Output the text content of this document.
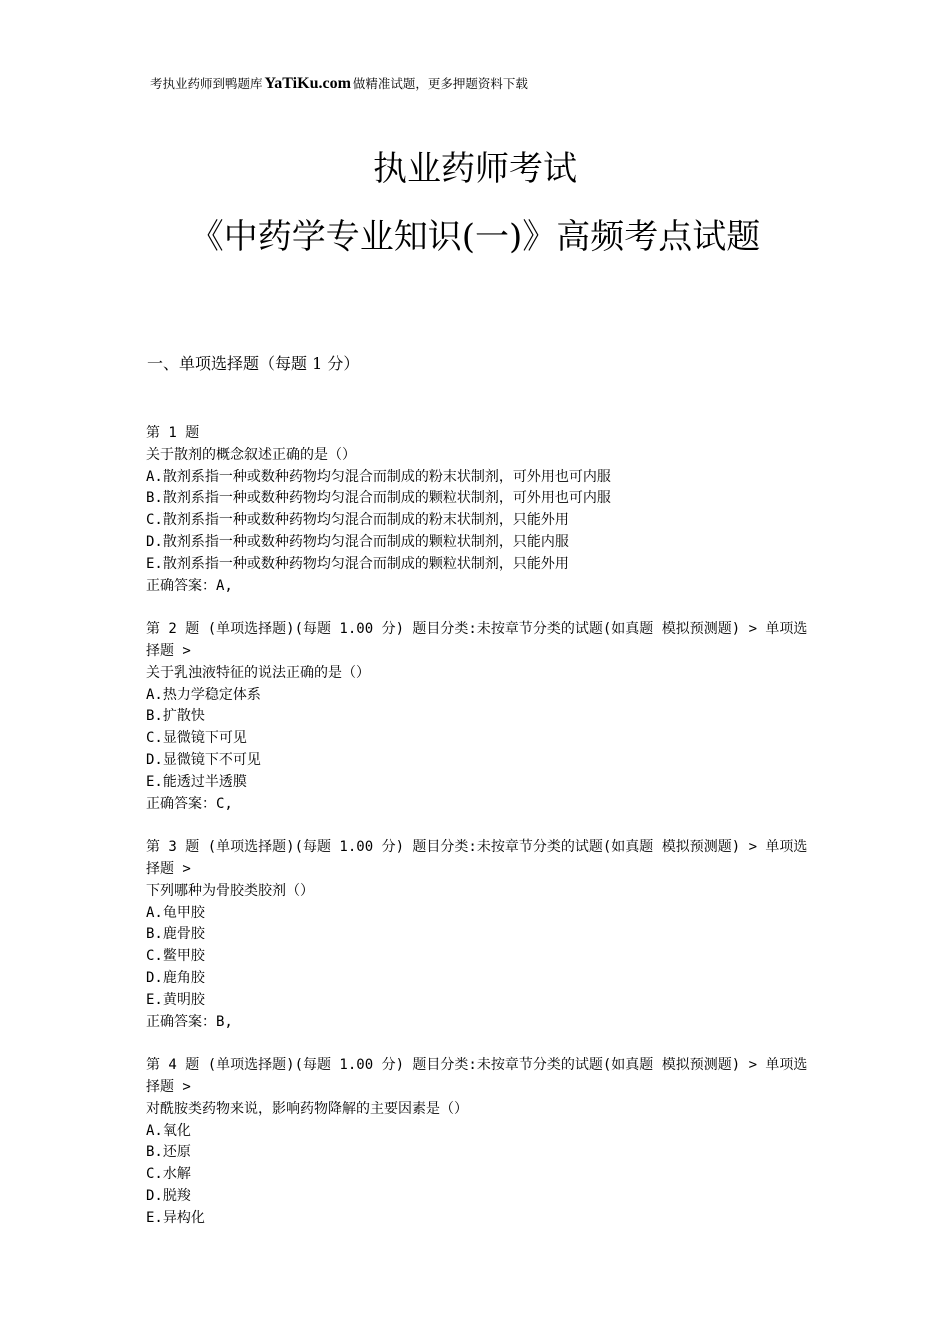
考执业药师到鸭题库 YaTiKu.com 做精准试题，更多押题资料下载
执业药师考试
《中药学专业知识(一)》高频考点试题
一、单项选择题（每题 1 分）
第 1 题
关于散剂的概念叙述正确的是（）
A.散剂系指一种或数种药物均匀混合而制成的粉末状制剂，可外用也可内服
B.散剂系指一种或数种药物均匀混合而制成的颗粒状制剂，可外用也可内服
C.散剂系指一种或数种药物均匀混合而制成的粉末状制剂，只能外用
D.散剂系指一种或数种药物均匀混合而制成的颗粒状制剂，只能内服
E.散剂系指一种或数种药物均匀混合而制成的颗粒状制剂，只能外用
正确答案：A,
第 2 题 (单项选择题)(每题 1.00 分) 题目分类:未按章节分类的试题(如真题 模拟预测题) > 单项选择题 >
关于乳浊液特征的说法正确的是（）
A.热力学稳定体系
B.扩散快
C.显微镜下可见
D.显微镜下不可见
E.能透过半透膜
正确答案：C,
第 3 题 (单项选择题)(每题 1.00 分) 题目分类:未按章节分类的试题(如真题 模拟预测题) > 单项选择题 >
下列哪种为骨胶类胶剂（）
A.龟甲胶
B.鹿骨胶
C.鳖甲胶
D.鹿角胶
E.黄明胶
正确答案：B,
第 4 题 (单项选择题)(每题 1.00 分) 题目分类:未按章节分类的试题(如真题 模拟预测题) > 单项选择题 >
对酰胺类药物来说，影响药物降解的主要因素是（）
A.氧化
B.还原
C.水解
D.脱羧
E.异构化
